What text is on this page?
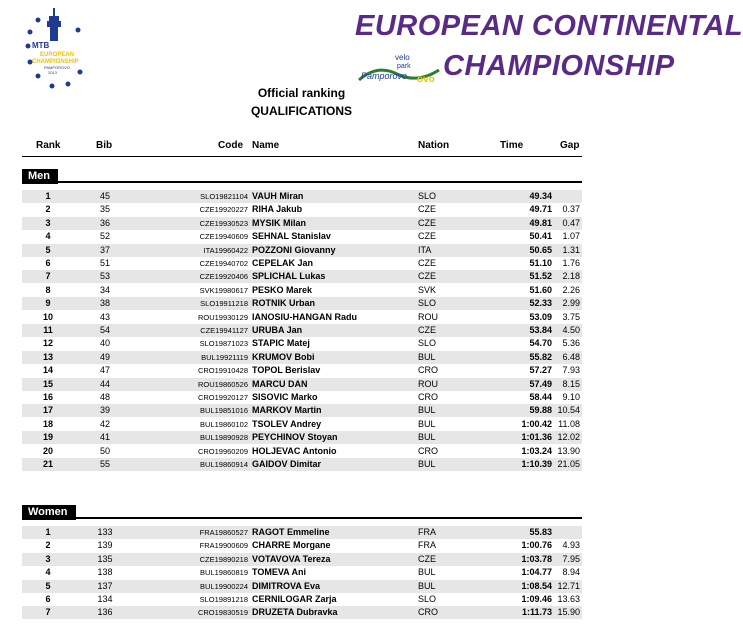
MTB
EUROPEAN
CHAMPIONSHIP
PAMPOROVO
2013
EUROPEAN CONTINENTAL
velo
park
Pamporovo ovo CHAMPIONSHIP
Official ranking
QUALIFICATIONS
Rank	Bib	Code Name	Nation	Time	Gap
Men
1	45	SLO19821104 VAUH Miran	SLO	49.34
2	35	CZE19920227 RIHA Jakub	CZE	49.71	0.37
3	36	CZE19930523 MYSIK Milan	CZE	49.81	0.47
4	52	CZE19940609 SEHNAL Stanislav	CZE	50.41	1.07
5	37	ITA19960422 POZZONI Giovanny	ITA	50.65	1.31
6	51	CZE19940702 CEPELAK Jan	CZE	51.10	1.76
7	53	CZE19920406 SPLICHAL Lukas	CZE	51.52	2.18
8	34	SVK19980617 PESKO Marek	SVK	51.60	2.26
9	38	SLO19911218 ROTNIK Urban	SLO	52.33	2.99
10	43	ROU19930129 IANOSIU-HANGAN Radu	ROU	53.09	3.75
11	54	CZE19941127 URUBA Jan	CZE	53.84	4.50
12	40	SLO19871023 STAPIC Matej	SLO	54.70	5.36
13	49	BUL19921119 KRUMOV Bobi	BUL	55.82	6.48
14	47	CRO19910428 TOPOL Berislav	CRO	57.27	7.93
15	44	ROU19860526 MARCU DAN	ROU	57.49	8.15
16	48	CRO19920127 SISOVIC Marko	CRO	58.44	9.10
17	39	BUL19851016 MARKOV Martin	BUL	59.88 10.54
18	42	BUL19860102 TSOLEV Andrey	BUL	1:00.42 11.08
19	41	BUL19890928 PEYCHINOV Stoyan	BUL	1:01.36 12.02
20	50	CRO19960209 HOLJEVAC Antonio	CRO	1:03.24 13.90
21	55	BUL19860914 GAIDOV Dimitar	BUL	1:10.39 21.05
Women
1	133	FRA19860527 RAGOT Emmeline	FRA	55.83
2	139	FRA19900609 CHARRE Morgane	FRA	1:00.76	4.93
3	135	CZE19890218 VOTAVOVA Tereza	CZE	1:03.78	7.95
4	138	BUL19860819 TOMEVA Ani	BUL	1:04.77	8.94
5	137	BUL19900224 DIMITROVA Eva	BUL	1:08.54 12.71
6	134	SLO19891218 CERNILOGAR Zarja	SLO	1:09.46 13.63
7	136	CRO19830519 DRUZETA Dubravka	CRO	1:11.73 15.90
